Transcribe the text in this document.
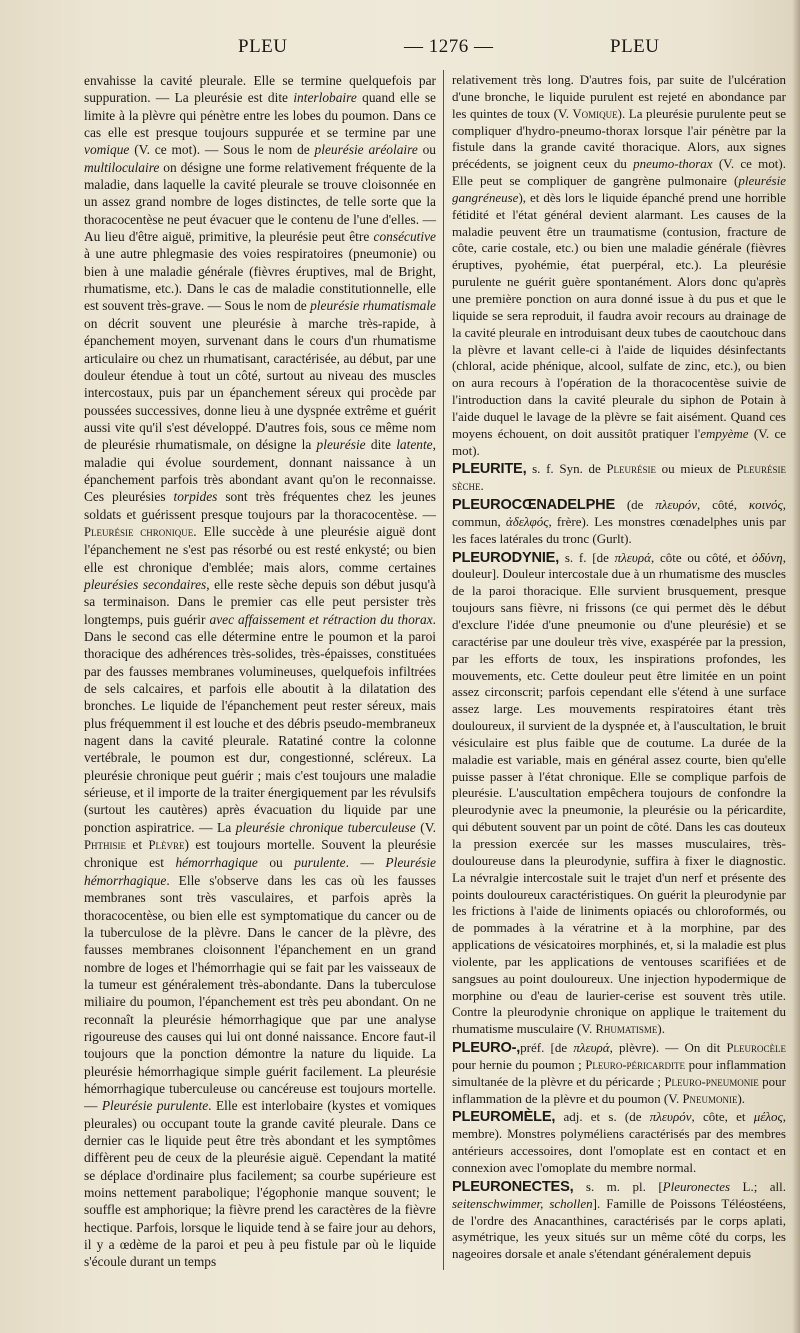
PLEU	— 1276 —	PLEU

envahisse la cavité pleurale. Elle se termine quelquefois par suppuration. — La pleurésie est dite interlobaire quand elle se limite à la plèvre qui pénètre entre les lobes du poumon. Dans ce cas elle est presque toujours suppurée et se termine par une vomique (V. ce mot). — Sous le nom de pleurésie aréolaire ou multiloculaire on désigne une forme relativement fréquente de la maladie, dans laquelle la cavité pleurale se trouve cloisonnée en un assez grand nombre de loges distinctes, de telle sorte que la thoracocentèse ne peut évacuer que le contenu de l'une d'elles. — Au lieu d'être aiguë, primitive, la pleurésie peut être consécutive à une autre phlegmasie des voies respiratoires (pneumonie) ou bien à une maladie générale (fièvres éruptives, mal de Bright, rhumatisme, etc.). Dans le cas de maladie constitutionnelle, elle est souvent très-grave. — Sous le nom de pleurésie rhumatismale on décrit souvent une pleurésie à marche très-rapide, à épanchement moyen, survenant dans le cours d'un rhumatisme articulaire ou chez un rhumatisant, caractérisée, au début, par une douleur étendue à tout un côté, surtout au niveau des muscles intercostaux, puis par un épanchement séreux qui procède par poussées successives, donne lieu à une dyspnée extrême et guérit aussi vite qu'il s'est développé. D'autres fois, sous ce même nom de pleurésie rhumatismale, on désigne la pleurésie dite latente, maladie qui évolue sourdement, donnant naissance à un épanchement parfois très abondant avant qu'on le reconnaisse. Ces pleurésies torpides sont très fréquentes chez les jeunes soldats et guérissent presque toujours par la thoracocentèse. — Pleurésie chronique. Elle succède à une pleurésie aiguë dont l'épanchement ne s'est pas résorbé ou est resté enkysté; ou bien elle est chronique d'emblée; mais alors, comme certaines pleurésies secondaires, elle reste sèche depuis son début jusqu'à sa terminaison. Dans le premier cas elle peut persister très longtemps, puis guérir avec affaissement et rétraction du thorax. Dans le second cas elle détermine entre le poumon et la paroi thoracique des adhérences très-solides, très-épaisses, constituées par des fausses membranes volumineuses, quelquefois infiltrées de sels calcaires, et parfois elle aboutit à la dilatation des bronches. Le liquide de l'épanchement peut rester séreux, mais plus fréquemment il est louche et des débris pseudo-membraneux nagent dans la cavité pleurale. Ratatiné contre la colonne vertébrale, le poumon est dur, congestionné, scléreux. La pleurésie chronique peut guérir ; mais c'est toujours une maladie sérieuse, et il importe de la traiter énergiquement par les révulsifs (surtout les cautères) après évacuation du liquide par une ponction aspiratrice. — La pleurésie chronique tuberculeuse (V. Phthisie et Plèvre) est toujours mortelle. Souvent la pleurésie chronique est hémorrhagique ou purulente. — Pleurésie hémorrhagique. Elle s'observe dans les cas où les fausses membranes sont très vasculaires, et parfois après la thoracocentèse, ou bien elle est symptomatique du cancer ou de la tuberculose de la plèvre. Dans le cancer de la plèvre, des fausses membranes cloisonnent l'épanchement en un grand nombre de loges et l'hémorrhagie qui se fait par les vaisseaux de la tumeur est généralement très-abondante. Dans la tuberculose miliaire du poumon, l'épanchement est très peu abondant. On ne reconnaît la pleurésie hémorrhagique que par une analyse rigoureuse des causes qui lui ont donné naissance. Encore faut-il toujours que la ponction démontre la nature du liquide. La pleurésie hémorrhagique simple guérit facilement. La pleurésie hémorrhagique tuberculeuse ou cancéreuse est toujours mortelle. — Pleurésie purulente. Elle est interlobaire (kystes et vomiques pleurales) ou occupant toute la grande cavité pleurale. Dans ce dernier cas le liquide peut être très abondant et les symptômes diffèrent peu de ceux de la pleurésie aiguë. Cependant la matité se déplace d'ordinaire plus facilement; sa courbe supérieure est moins nettement parabolique; l'égophonie manque souvent; le souffle est amphorique; la fièvre prend les caractères de la fièvre hectique. Parfois, lorsque le liquide tend à se faire jour au dehors, il y a œdème de la paroi et peu à peu fistule par où le liquide s'écoule durant un temps

relativement très long. D'autres fois, par suite de l'ulcération d'une bronche, le liquide purulent est rejeté en abondance par les quintes de toux (V. Vomique). La pleurésie purulente peut se compliquer d'hydro-pneumo-thorax lorsque l'air pénètre par la fistule dans la grande cavité thoracique. Alors, aux signes précédents, se joignent ceux du pneumo-thorax (V. ce mot). Elle peut se compliquer de gangrène pulmonaire (pleurésie gangréneuse), et dès lors le liquide épanché prend une horrible fétidité et l'état général devient alarmant. Les causes de la maladie peuvent être un traumatisme (contusion, fracture de côte, carie costale, etc.) ou bien une maladie générale (fièvres éruptives, pyohémie, état puerpéral, etc.). La pleurésie purulente ne guérit guère spontanément. Alors donc qu'après une première ponction on aura donné issue à du pus et que le liquide se sera reproduit, il faudra avoir recours au drainage de la cavité pleurale en introduisant deux tubes de caoutchouc dans la plèvre et lavant celle-ci à l'aide de liquides désinfectants (chloral, acide phénique, alcool, sulfate de zinc, etc.), ou bien on aura recours à l'opération de la thoracocentèse suivie de l'introduction dans la cavité pleurale du siphon de Potain à l'aide duquel le lavage de la plèvre se fait aisément. Quand ces moyens échouent, on doit aussitôt pratiquer l'empyème (V. ce mot).

PLEURITE, s. f. Syn. de Pleurésie ou mieux de Pleurésie sèche.

PLEUROCŒNADELPHE (de πλευρόν, côté, κοινός, commun, ἀδελφός, frère). Les monstres cœnadelphes unis par les faces latérales du tronc (Gurlt).

PLEURODYNIE, s. f. [de πλευρά, côte ou côté, et ὀδύνη, douleur]. Douleur intercostale due à un rhumatisme des muscles de la paroi thoracique. Elle survient brusquement, presque toujours sans fièvre, ni frissons (ce qui permet dès le début d'exclure l'idée d'une pneumonie ou d'une pleurésie) et se caractérise par une douleur très vive, exaspérée par la pression, par les efforts de toux, les inspirations profondes, les mouvements, etc. Cette douleur peut être limitée en un point assez circonscrit; parfois cependant elle s'étend à une surface assez large. Les mouvements respiratoires étant très douloureux, il survient de la dyspnée et, à l'auscultation, le bruit vésiculaire est plus faible que de coutume. La durée de la maladie est variable, mais en général assez courte, bien qu'elle puisse passer à l'état chronique. Elle se complique parfois de pleurésie. L'auscultation empêchera toujours de confondre la pleurodynie avec la pneumonie, la pleurésie ou la péricardite, qui débutent souvent par un point de côté. Dans les cas douteux la pression exercée sur les masses musculaires, très-douloureuse dans la pleurodynie, suffira à fixer le diagnostic. La névralgie intercostale suit le trajet d'un nerf et présente des points douloureux caractéristiques. On guérit la pleurodynie par les frictions à l'aide de liniments opiacés ou chloroformés, ou de pommades à la vératrine et à la morphine, par des applications de vésicatoires morphinés, et, si la maladie est plus violente, par les applications de ventouses scarifiées et de sangsues au point douloureux. Une injection hypodermique de morphine ou d'eau de laurier-cerise est souvent très utile. Contre la pleurodynie chronique on applique le traitement du rhumatisme musculaire (V. Rhumatisme).

PLEURO-,préf. [de πλευρά, plèvre). — On dit Pleurocèle pour hernie du poumon ; Pleuro-péricardite pour inflammation simultanée de la plèvre et du péricarde ; Pleuro-pneumonie pour inflammation de la plèvre et du poumon (V. Pneumonie).

PLEUROMÈLE, adj. et s. (de πλευρόν, côte, et μέλος, membre). Monstres polyméliens caractérisés par des membres antérieurs accessoires, dont l'omoplate est en contact et en connexion avec l'omoplate du membre normal.

PLEURONECTES, s. m. pl. [Pleuronectes L.; all. seitenschwimmer, schollen]. Famille de Poissons Téléostéens, de l'ordre des Anacanthines, caractérisés par le corps aplati, asymétrique, les yeux situés sur un même côté du corps, les nageoires dorsale et anale s'étendant généralement depuis
